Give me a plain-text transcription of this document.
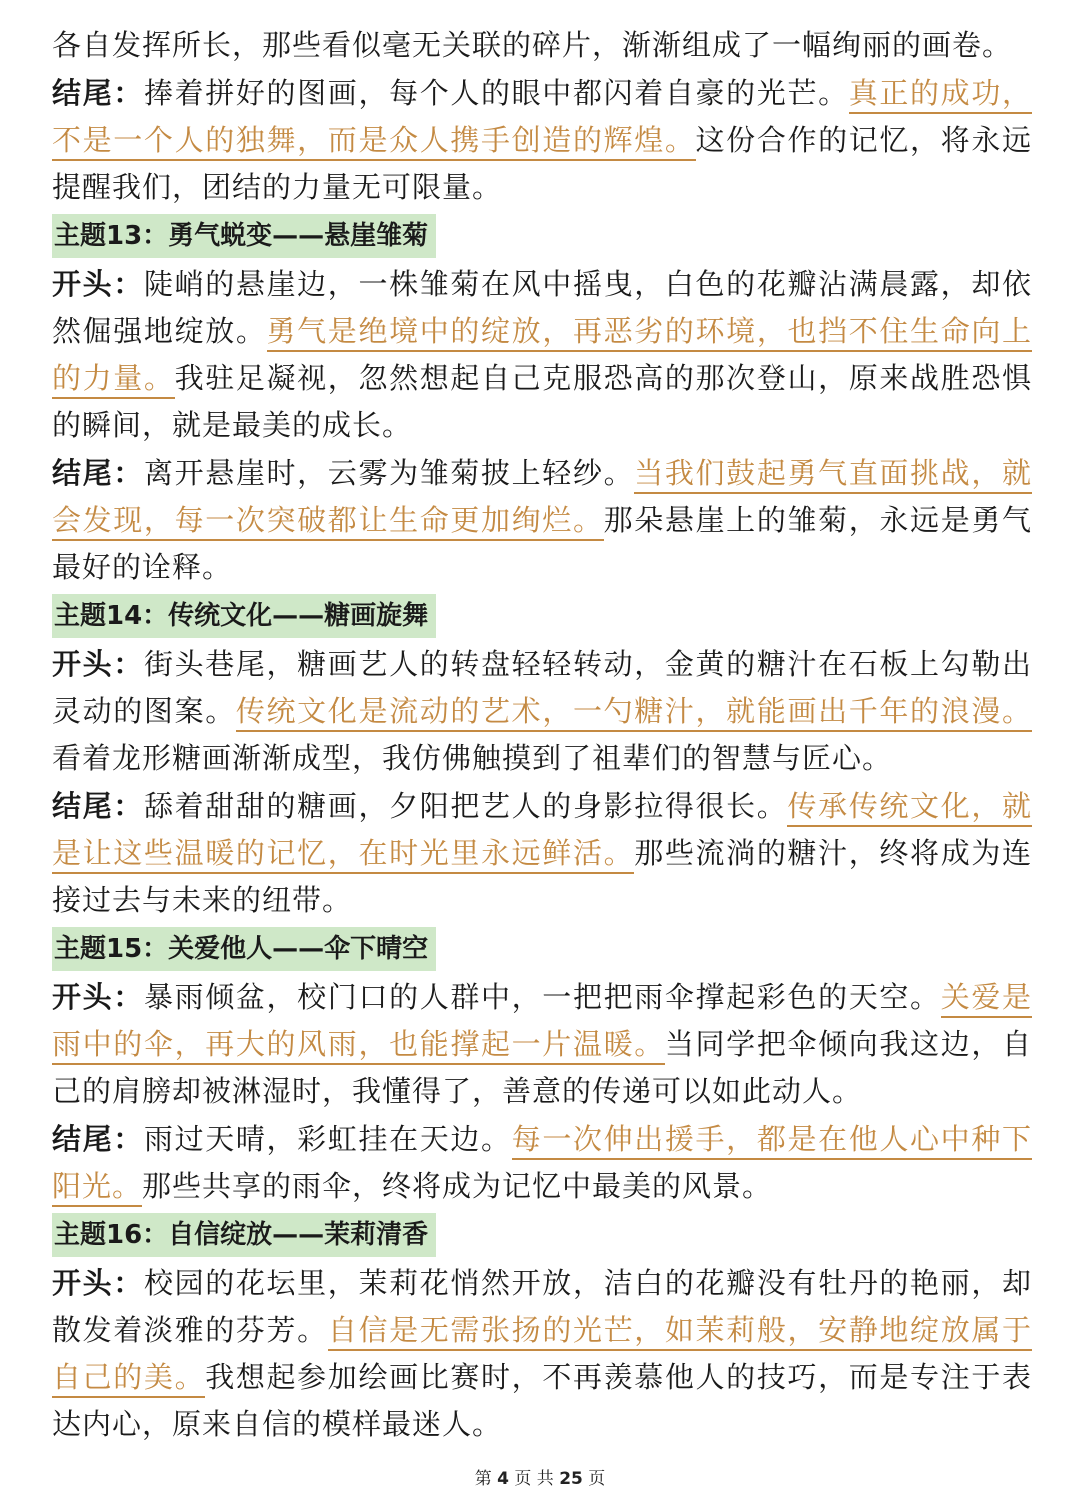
各自发挥所长，那些看似毫无关联的碎片，渐渐组成了一幅绚丽的画卷。

结尾：捧着拼好的图画，每个人的眼中都闪着自豪的光芒。真正的成功，不是一个人的独舞，而是众人携手创造的辉煌。这份合作的记忆，将永远提醒我们，团结的力量无可限量。

主题13：勇气蜕变——悬崖雏菊

开头：陡峭的悬崖边，一株雏菊在风中摇曳，白色的花瓣沾满晨露，却依然倔强地绽放。勇气是绝境中的绽放，再恶劣的环境，也挡不住生命向上的力量。我驻足凝视，忽然想起自己克服恐高的那次登山，原来战胜恐惧的瞬间，就是最美的成长。

结尾：离开悬崖时，云雾为雏菊披上轻纱。当我们鼓起勇气直面挑战，就会发现，每一次突破都让生命更加绚烂。那朵悬崖上的雏菊，永远是勇气最好的诠释。

主题14：传统文化——糖画旋舞

开头：街头巷尾，糖画艺人的转盘轻轻转动，金黄的糖汁在石板上勾勒出灵动的图案。传统文化是流动的艺术，一勺糖汁，就能画出千年的浪漫。看着龙形糖画渐渐成型，我仿佛触摸到了祖辈们的智慧与匠心。

结尾：舔着甜甜的糖画，夕阳把艺人的身影拉得很长。传承传统文化，就是让这些温暖的记忆，在时光里永远鲜活。那些流淌的糖汁，终将成为连接过去与未来的纽带。

主题15：关爱他人——伞下晴空

开头：暴雨倾盆，校门口的人群中，一把把雨伞撑起彩色的天空。关爱是雨中的伞，再大的风雨，也能撑起一片温暖。当同学把伞倾向我这边，自己的肩膀却被淋湿时，我懂得了，善意的传递可以如此动人。

结尾：雨过天晴，彩虹挂在天边。每一次伸出援手，都是在他人心中种下阳光。那些共享的雨伞，终将成为记忆中最美的风景。

主题16：自信绽放——茉莉清香

开头：校园的花坛里，茉莉花悄然开放，洁白的花瓣没有牡丹的艳丽，却散发着淡雅的芬芳。自信是无需张扬的光芒，如茉莉般，安静地绽放属于自己的美。我想起参加绘画比赛时，不再羡慕他人的技巧，而是专注于表达内心，原来自信的模样最迷人。

第 4 页 共 25 页
